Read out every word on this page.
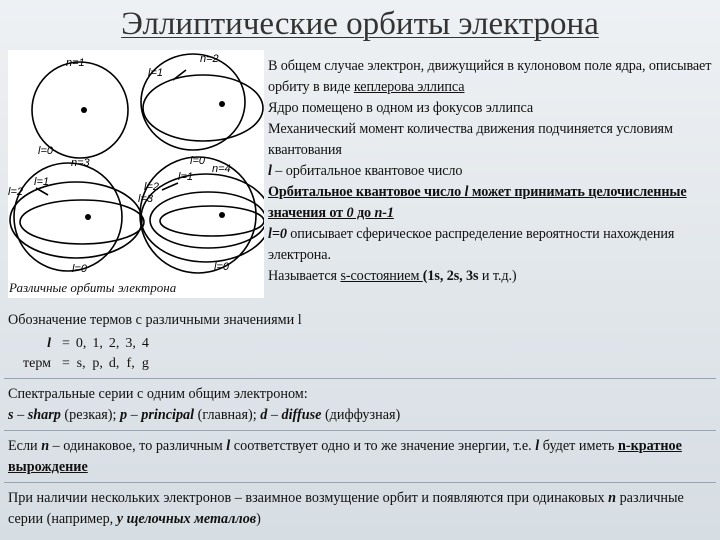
Эллиптические орбиты электрона
n=1	n=2
l=1
l=0
l=0
n=3	n=4
l=1
l=2
l=1
l=2
l=3
l=0	l=0
Различные орбиты электрона

В общем случае электрон, движущийся в кулоновом поле ядра, описывает орбиту в виде кеплерова эллипса

Ядро помещено в одном из фокусов эллипса

Механический момент количества движения подчиняется условиям квантования

l – орбитальное квантовое число

Орбитальное квантовое число l может принимать целочисленные значения от 0 до n-1

l=0 описывает сферическое распределение вероятности нахождения электрона.

Называется s-состоянием (1s, 2s, 3s и т.д.)

Обозначение термов с различными значениями l
l	=	0,	1,	2,	3,	4
терм	=	s,	p,	d,	f,	g
Спектральные серии с одним общим электроном:
s – sharp (резкая); p – principal (главная); d – diffuse (диффузная)
Если n – одинаковое, то различным l соответствует одно и то же значение энергии, т.е. l будет иметь n-кратное вырождение
При наличии нескольких электронов – взаимное возмущение орбит и появляются при одинаковых n различные серии (например, у щелочных металлов)
